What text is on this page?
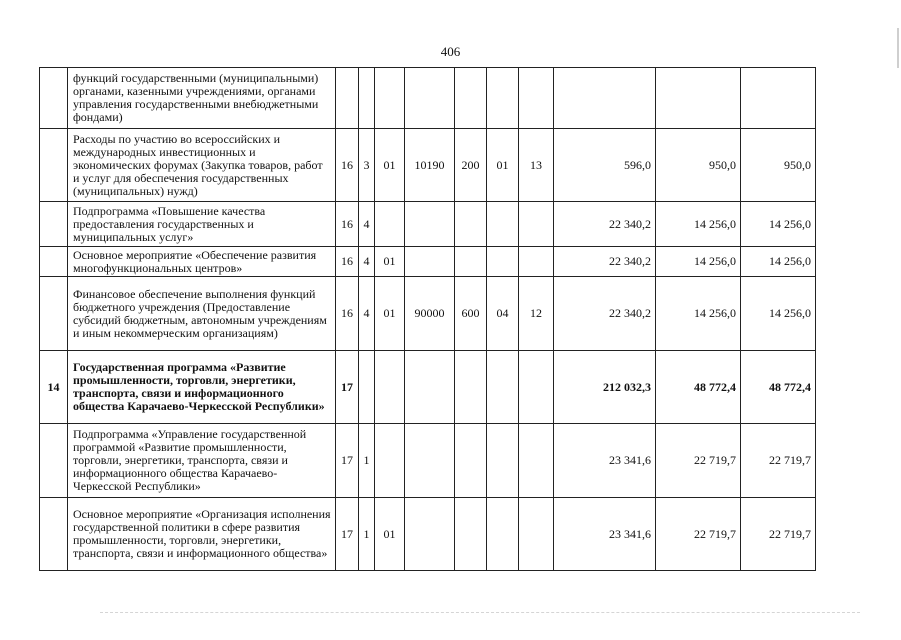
406
	функций государственными (муниципальными) органами, казенными учреждениями, органами управления государственными внебюджетными фондами)										
	Расходы по участию во всероссийских и международных инвестиционных и экономических форумах (Закупка товаров, работ и услуг для обеспечения государственных (муниципальных) нужд)	16	3	01	10190	200	01	13	596,0	950,0	950,0
	Подпрограмма «Повышение качества предоставления государственных и муниципальных услуг»	16	4						22 340,2	14 256,0	14 256,0
	Основное мероприятие «Обеспечение развития многофункциональных центров»	16	4	01					22 340,2	14 256,0	14 256,0
	Финансовое обеспечение выполнения функций бюджетного учреждения (Предоставление субсидий бюджетным, автономным учреждениям и иным некоммерческим организациям)	16	4	01	90000	600	04	12	22 340,2	14 256,0	14 256,0
14	Государственная программа «Развитие промышленности, торговли, энергетики, транспорта, связи и информационного общества Карачаево-Черкесской Республики»	17							212 032,3	48 772,4	48 772,4
	Подпрограмма «Управление государственной программой «Развитие промышленности, торговли, энергетики, транспорта, связи и информационного общества Карачаево-Черкесской Республики»	17	1						23 341,6	22 719,7	22 719,7
	Основное мероприятие «Организация исполнения государственной политики в сфере развития промышленности, торговли, энергетики, транспорта, связи и информационного общества»	17	1	01					23 341,6	22 719,7	22 719,7
